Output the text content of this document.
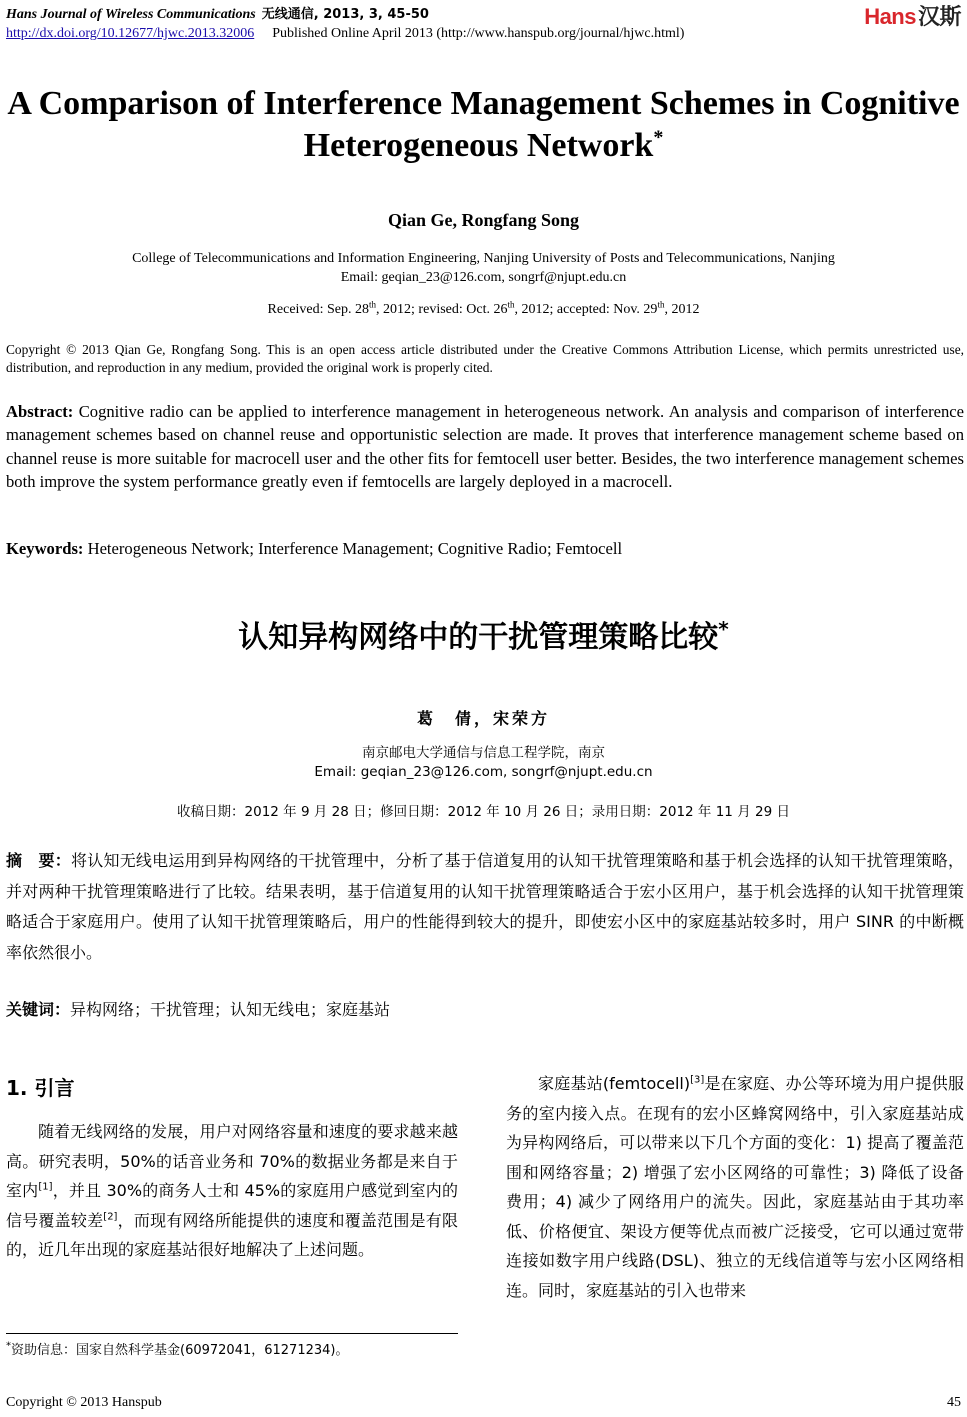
Hans Journal of Wireless Communications 无线通信, 2013, 3, 45-50
http://dx.doi.org/10.12677/hjwc.2013.32006 Published Online April 2013 (http://www.hanspub.org/journal/hjwc.html)
Hans汉斯
A Comparison of Interference Management Schemes in Cognitive Heterogeneous Network*
Qian Ge, Rongfang Song
College of Telecommunications and Information Engineering, Nanjing University of Posts and Telecommunications, Nanjing
Email: geqian_23@126.com, songrf@njupt.edu.cn
Received: Sep. 28th, 2012; revised: Oct. 26th, 2012; accepted: Nov. 29th, 2012
Copyright © 2013 Qian Ge, Rongfang Song. This is an open access article distributed under the Creative Commons Attribution License, which permits unrestricted use, distribution, and reproduction in any medium, provided the original work is properly cited.
Abstract: Cognitive radio can be applied to interference management in heterogeneous network. An analysis and comparison of interference management schemes based on channel reuse and opportunistic selection are made. It proves that interference management scheme based on channel reuse is more suitable for macrocell user and the other fits for femtocell user better. Besides, the two interference management schemes both improve the system performance greatly even if femtocells are largely deployed in a macrocell.
Keywords: Heterogeneous Network; Interference Management; Cognitive Radio; Femtocell
认知异构网络中的干扰管理策略比较*
葛　倩，宋荣方
南京邮电大学通信与信息工程学院，南京
Email: geqian_23@126.com, songrf@njupt.edu.cn
收稿日期：2012 年 9 月 28 日；修回日期：2012 年 10 月 26 日；录用日期：2012 年 11 月 29 日
摘　要：将认知无线电运用到异构网络的干扰管理中，分析了基于信道复用的认知干扰管理策略和基于机会选择的认知干扰管理策略，并对两种干扰管理策略进行了比较。结果表明，基于信道复用的认知干扰管理策略适合于宏小区用户，基于机会选择的认知干扰管理策略适合于家庭用户。使用了认知干扰管理策略后，用户的性能得到较大的提升，即使宏小区中的家庭基站较多时，用户 SINR 的中断概率依然很小。
关键词：异构网络；干扰管理；认知无线电；家庭基站
1. 引言

随着无线网络的发展，用户对网络容量和速度的要求越来越高。研究表明，50%的话音业务和 70%的数据业务都是来自于室内[1]，并且 30%的商务人士和 45%的家庭用户感觉到室内的信号覆盖较差[2]，而现有网络所能提供的速度和覆盖范围是有限的，近几年出现的家庭基站很好地解决了上述问题。

家庭基站(femtocell)[3]是在家庭、办公等环境为用户提供服务的室内接入点。在现有的宏小区蜂窝网络中，引入家庭基站成为异构网络后，可以带来以下几个方面的变化：1) 提高了覆盖范围和网络容量；2) 增强了宏小区网络的可靠性；3) 降低了设备费用；4) 减少了网络用户的流失。因此，家庭基站由于其功率低、价格便宜、架设方便等优点而被广泛接受，它可以通过宽带连接如数字用户线路(DSL)、独立的无线信道等与宏小区网络相连。同时，家庭基站的引入也带来

*资助信息：国家自然科学基金(60972041，61271234)。
Copyright © 2013 Hanspub	45
